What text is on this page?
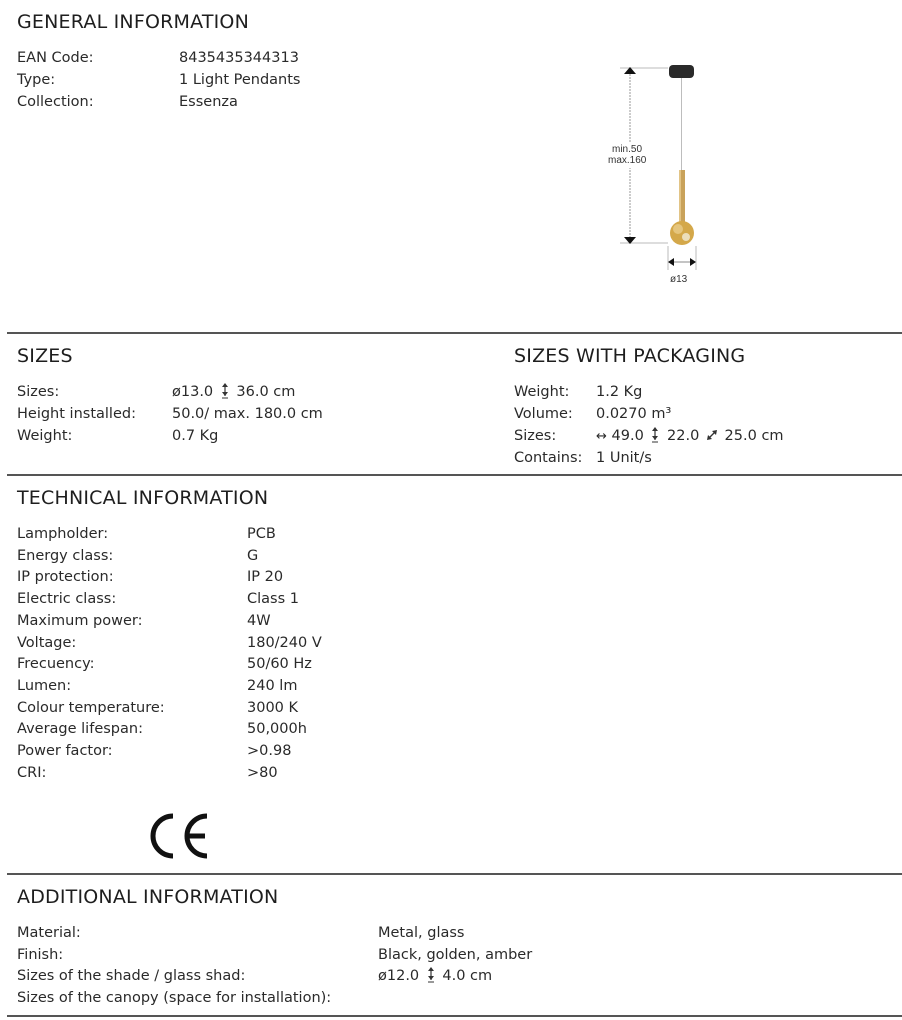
GENERAL INFORMATION
EAN Code:	8435435344313
Type:	1 Light Pendants
Collection:	Essenza
min.50
max.160
ø13
SIZES
Sizes:	ø13.0 36.0 cm
Height installed: 50.0/ max. 180.0 cm
Weight:	0.7 Kg
SIZES WITH PACKAGING
Weight: 1.2 Kg
Volume: 0.0270 m³
Sizes:	↔ 49.0 22.0 25.0 cm
Contains: 1 Unit/s
TECHNICAL INFORMATION
Lampholder:	PCB
Energy class:	G
IP protection:	IP 20
Electric class:	Class 1
Maximum power:	4W
Voltage:	180/240 V
Frecuency:	50/60 Hz
Lumen:	240 lm
Colour temperature:	3000 K
Average lifespan:	50,000h
Power factor:	>0.98
CRI:	>80
ADDITIONAL INFORMATION
Material:	Metal, glass
Finish:	Black, golden, amber
Sizes of the shade / glass shad:	ø12.0 4.0 cm
Sizes of the canopy (space for installation):
